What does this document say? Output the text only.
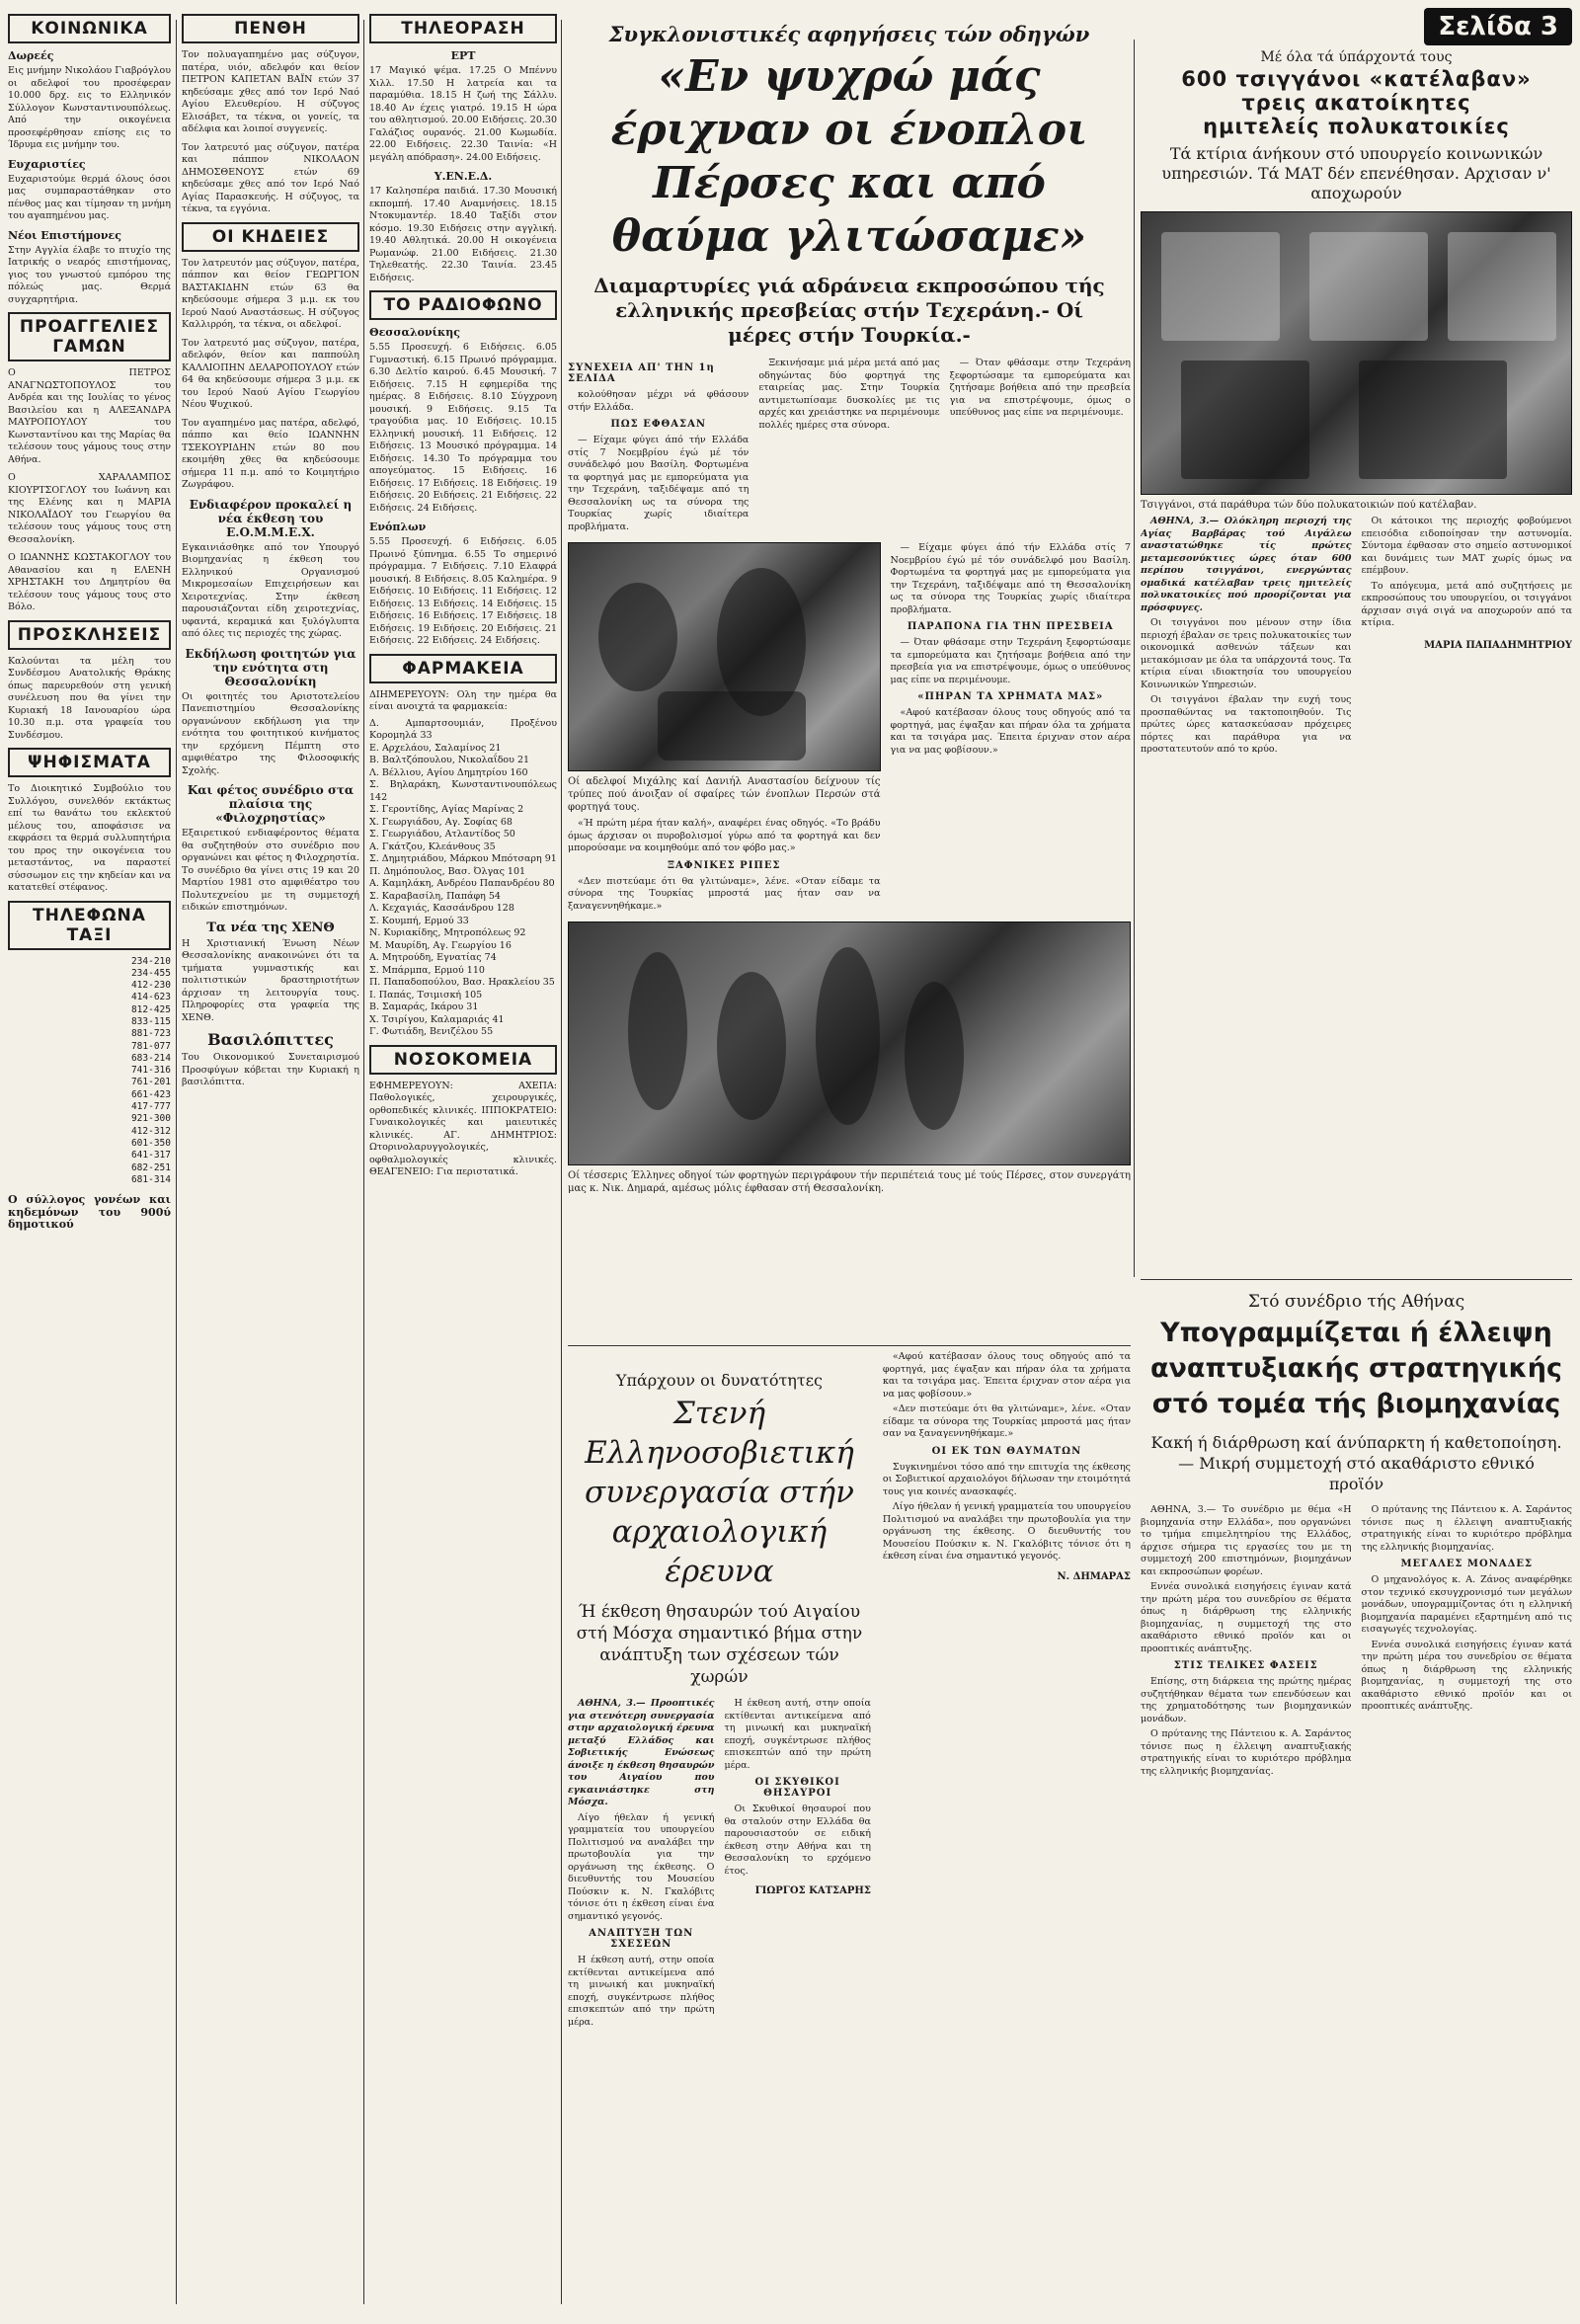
ΚΟΙΝΩΝΙΚΑ
Δωρεές

Εις μνήμην Νικολάου Γιαβρόγλου οι αδελφοί του προσέφεραν 10.000 δρχ. εις το Ελληνικόν Σύλλογον Κωνσταντινουπόλεως. Από την οικογένεια προσεφέρθησαν επίσης εις το Ίδρυμα εις μνήμην του.

Ευχαριστίες

Ευχαριστούμε θερμά όλους όσοι μας συμπαραστάθηκαν στο πένθος μας και τίμησαν τη μνήμη του αγαπημένου μας.

Νέοι Επιστήμονες

Στην Αγγλία έλαβε το πτυχίο της Ιατρικής ο νεαρός επιστήμονας, γιος του γνωστού εμπόρου της πόλεώς μας. Θερμά συγχαρητήρια.

ΠΡΟΑΓΓΕΛΙΕΣ ΓΑΜΩΝ

Ο ΠΕΤΡΟΣ ΑΝΑΓΝΩΣΤΟΠΟΥΛΟΣ του Ανδρέα και της Ιουλίας το γένος Βασιλείου και η ΑΛΕΞΑΝΔΡΑ ΜΑΥΡΟΠΟΥΛΟΥ του Κωνσταντίνου και της Μαρίας θα τελέσουν τους γάμους τους στην Αθήνα.

Ο ΧΑΡΑΛΑΜΠΟΣ ΚΙΟΥΡΤΣΟΓΛΟΥ του Ιωάννη και της Ελένης και η ΜΑΡΙΑ ΝΙΚΟΛΑΪΔΟΥ του Γεωργίου θα τελέσουν τους γάμους τους στη Θεσσαλονίκη.

Ο ΙΩΑΝΝΗΣ ΚΩΣΤΑΚΟΓΛΟΥ του Αθανασίου και η ΕΛΕΝΗ ΧΡΗΣΤΑΚΗ του Δημητρίου θα τελέσουν τους γάμους τους στο Βόλο.

ΠΡΟΣΚΛΗΣΕΙΣ

Καλούνται τα μέλη του Συνδέσμου Ανατολικής Θράκης όπως παρευρεθούν στη γενική συνέλευση που θα γίνει την Κυριακή 18 Ιανουαρίου ώρα 10.30 π.μ. στα γραφεία του Συνδέσμου.

ΨΗΦΙΣΜΑΤΑ

Το Διοικητικό Συμβούλιο του Συλλόγου, συνελθόν εκτάκτως επί τω θανάτω του εκλεκτού μέλους του, αποφάσισε να εκφράσει τα θερμά συλλυπητήρια του προς την οικογένεια του μεταστάντος, να παραστεί σύσσωμον εις την κηδείαν και να κατατεθεί στέφανος.

ΤΗΛΕΦΩΝΑ ΤΑΞΙ
234-210
234-455
412-230
414-623
812-425
833-115
881-723
781-077
683-214
741-316
761-201
661-423
417-777
921-300
412-312
601-350
641-317
682-251
681-314

Ο σύλλογος γονέων και κηδεμόνων του 900ύ δημοτικού

ΠΕΝΘΗ

Τον πολυαγαπημένο μας σύζυγον, πατέρα, υιόν, αδελφόν και θείον ΠΕΤΡΟΝ ΚΑΠΕΤΑΝ ΒΑΪΝ ετών 37 κηδεύσαμε χθες από τον Ιερό Ναό Αγίου Ελευθερίου. Η σύζυγος Ελισάβετ, τα τέκνα, οι γονείς, τα αδέλφια και λοιποί συγγενείς.

Τον λατρευτό μας σύζυγον, πατέρα και πάππον ΝΙΚΟΛΑΟΝ ΔΗΜΟΣΘΕΝΟΥΣ ετών 69 κηδεύσαμε χθες από τον Ιερό Ναό Αγίας Παρασκευής. Η σύζυγος, τα τέκνα, τα εγγόνια.

ΟΙ ΚΗΔΕΙΕΣ

Τον λατρευτόν μας σύζυγον, πατέρα, πάππον και θείον ΓΕΩΡΓΙΟΝ ΒΑΣΤΑΚΙΔΗΝ ετών 63 θα κηδεύσουμε σήμερα 3 μ.μ. εκ του Ιερού Ναού Αναστάσεως. Η σύζυγος Καλλιρρόη, τα τέκνα, οι αδελφοί.

Τον λατρευτό μας σύζυγον, πατέρα, αδελφόν, θείον και παππούλη ΚΑΛΛΙΟΠΗΝ ΔΕΛΑΡΟΠΟΥΛΟΥ ετών 64 θα κηδεύσουμε σήμερα 3 μ.μ. εκ του Ιερού Ναού Αγίου Γεωργίου Νέου Ψυχικού.

Τον αγαπημένο μας πατέρα, αδελφό, πάππο και θείο ΙΩΑΝΝΗΝ ΤΣΕΚΟΥΡΙΔΗΝ ετών 80 που εκοιμήθη χθες θα κηδεύσουμε σήμερα 11 π.μ. από το Κοιμητήριο Ζωγράφου.

Ενδιαφέρον προκαλεί η νέα έκθεση του Ε.Ο.Μ.Μ.Ε.Χ.

Εγκαινιάσθηκε από τον Υπουργό Βιομηχανίας η έκθεση του Ελληνικού Οργανισμού Μικρομεσαίων Επιχειρήσεων και Χειροτεχνίας. Στην έκθεση παρουσιάζονται είδη χειροτεχνίας, υφαντά, κεραμικά και ξυλόγλυπτα από όλες τις περιοχές της χώρας.

Εκδήλωση φοιτητών για την ενότητα στη Θεσσαλονίκη

Οι φοιτητές του Αριστοτελείου Πανεπιστημίου Θεσσαλονίκης οργανώνουν εκδήλωση για την ενότητα του φοιτητικού κινήματος την ερχόμενη Πέμπτη στο αμφιθέατρο της Φιλοσοφικής Σχολής.

Και φέτος συνέδριο στα πλαίσια της «Φιλοχρηστίας»

Εξαιρετικού ενδιαφέροντος θέματα θα συζητηθούν στο συνέδριο που οργανώνει και φέτος η Φιλοχρηστία. Το συνέδριο θα γίνει στις 19 και 20 Μαρτίου 1981 στο αμφιθέατρο του Πολυτεχνείου με τη συμμετοχή ειδικών επιστημόνων.

Τα νέα της ΧΕΝΘ

Η Χριστιανική Ένωση Νέων Θεσσαλονίκης ανακοινώνει ότι τα τμήματα γυμναστικής και πολιτιστικών δραστηριοτήτων άρχισαν τη λειτουργία τους. Πληροφορίες στα γραφεία της ΧΕΝΘ.

Βασιλόπιττες

Του Οικονομικού Συνεταιρισμού Προσφύγων κόβεται την Κυριακή η βασιλόπιττα.

ΤΗΛΕΟΡΑΣΗ
ΕΡΤ

17 Μαγικό ψέμα. 17.25 Ο Μπέννυ Χιλλ. 17.50 Η λατρεία και τα παραμύθια. 18.15 Η ζωή της Σάλλυ. 18.40 Αν έχεις γιατρό. 19.15 Η ώρα του αθλητισμού. 20.00 Ειδήσεις. 20.30 Γαλάζιος ουρανός. 21.00 Κωμωδία. 22.00 Ειδήσεις. 22.30 Ταινία: «Η μεγάλη απόδραση». 24.00 Ειδήσεις.

Υ.ΕΝ.Ε.Δ.

17 Καλησπέρα παιδιά. 17.30 Μουσική εκπομπή. 17.40 Αναμνήσεις. 18.15 Ντοκυμαντέρ. 18.40 Ταξίδι στον κόσμο. 19.30 Ειδήσεις στην αγγλική. 19.40 Αθλητικά. 20.00 Η οικογένεια Ρωμανώφ. 21.00 Ειδήσεις. 21.30 Τηλεθεατής. 22.30 Ταινία. 23.45 Ειδήσεις.

ΤΟ ΡΑΔΙΟΦΩΝΟ
Θεσσαλονίκης

5.55 Προσευχή. 6 Ειδήσεις. 6.05 Γυμναστική. 6.15 Πρωινό πρόγραμμα. 6.30 Δελτίο καιρού. 6.45 Μουσική. 7 Ειδήσεις. 7.15 Η εφημερίδα της ημέρας. 8 Ειδήσεις. 8.10 Σύγχρονη μουσική. 9 Ειδήσεις. 9.15 Τα τραγούδια μας. 10 Ειδήσεις. 10.15 Ελληνική μουσική. 11 Ειδήσεις. 12 Ειδήσεις. 13 Μουσικό πρόγραμμα. 14 Ειδήσεις. 14.30 Το πρόγραμμα του απογεύματος. 15 Ειδήσεις. 16 Ειδήσεις. 17 Ειδήσεις. 18 Ειδήσεις. 19 Ειδήσεις. 20 Ειδήσεις. 21 Ειδήσεις. 22 Ειδήσεις. 24 Ειδήσεις.

Ενόπλων

5.55 Προσευχή. 6 Ειδήσεις. 6.05 Πρωινό ξύπνημα. 6.55 Το σημερινό πρόγραμμα. 7 Ειδήσεις. 7.10 Ελαφρά μουσική. 8 Ειδήσεις. 8.05 Καλημέρα. 9 Ειδήσεις. 10 Ειδήσεις. 11 Ειδήσεις. 12 Ειδήσεις. 13 Ειδήσεις. 14 Ειδήσεις. 15 Ειδήσεις. 16 Ειδήσεις. 17 Ειδήσεις. 18 Ειδήσεις. 19 Ειδήσεις. 20 Ειδήσεις. 21 Ειδήσεις. 22 Ειδήσεις. 24 Ειδήσεις.

ΦΑΡΜΑΚΕΙΑ

ΔΙΗΜΕΡΕΥΟΥΝ: Ολη την ημέρα θα είναι ανοιχτά τα φαρμακεία:

Δ. Αμπαρτσουμιάν, Προξένου Κορομηλά 33
Ε. Αρχελάου, Σαλαμίνος 21
Β. Βαλτζόπουλου, Νικολαΐδου 21
Λ. Βέλλιου, Αγίου Δημητρίου 160
Σ. Βηλαράκη, Κωνσταντινουπόλεως 142
Σ. Γεροντίδης, Αγίας Μαρίνας 2
Χ. Γεωργιάδου, Αγ. Σοφίας 68
Σ. Γεωργιάδου, Ατλαντίδος 50
Α. Γκάτζου, Κλεάνθους 35
Σ. Δημητριάδου, Μάρκου Μπότσαρη 91
Π. Δημόπουλος, Βασ. Όλγας 101
Α. Καμηλάκη, Ανδρέου Παπανδρέου 80
Σ. Καραβασίλη, Παπάφη 54
Λ. Κεχαγιάς, Κασσάνδρου 128
Σ. Κουμπή, Ερμού 33
Ν. Κυριακίδης, Μητροπόλεως 92
Μ. Μαυρίδη, Αγ. Γεωργίου 16
Α. Μητρούδη, Εγνατίας 74
Σ. Μπάρμπα, Ερμού 110
Π. Παπαδοπούλου, Βασ. Ηρακλείου 35
Ι. Παπάς, Τσιμισκή 105
Β. Σαμαράς, Ικάρου 31
Χ. Τσιρίγου, Καλαμαριάς 41
Γ. Φωτιάδη, Βενιζέλου 55
ΝΟΣΟΚΟΜΕΙΑ

ΕΦΗΜΕΡΕΥΟΥΝ: ΑΧΕΠΑ: Παθολογικές, χειρουργικές, ορθοπεδικές κλινικές. ΙΠΠΟΚΡΑΤΕΙΟ: Γυναικολογικές και μαιευτικές κλινικές. ΑΓ. ΔΗΜΗΤΡΙΟΣ: Ωτορινολαρυγγολογικές, οφθαλμολογικές κλινικές. ΘΕΑΓΕΝΕΙΟ: Για περιστατικά.

Συγκλονιστικές αφηγήσεις τών οδηγών
«Εν ψυχρώ μάς έριχναν οι ένοπλοι Πέρσες και από θαύμα γλιτώσαμε»
Διαμαρτυρίες γιά αδράνεια εκπροσώπου τής ελληνικής πρεσβείας στήν Τεχεράνη.- Οί μέρες στήν Τουρκία.-
ΣΥΝΕΧΕΙΑ ΑΠ' ΤΗΝ 1η ΣΕΛΙΔΑ

κολούθησαν μέχρι νά φθάσουν στήν Ελλάδα.

ΠΩΣ ΕΦΘΑΣΑΝ

— Είχαμε φύγει άπό τήν Ελλάδα στίς 7 Νοεμβρίου έγώ μέ τόν συνάδελφό μου Βασίλη. Φορτωμένα τα φορτηγά μας με εμπορεύματα για την Τεχεράνη, ταξιδέψαμε από τη Θεσσαλονίκη ως τα σύνορα της Τουρκίας χωρίς ιδιαίτερα προβλήματα.

Ξεκινήσαμε μιά μέρα μετά από μας οδηγώντας δύο φορτηγά της εταιρείας μας. Στην Τουρκία αντιμετωπίσαμε δυσκολίες με τις αρχές και χρειάστηκε να περιμένουμε πολλές ημέρες στα σύνορα.

— Όταν φθάσαμε στην Τεχεράνη ξεφορτώσαμε τα εμπορεύματα και ζητήσαμε βοήθεια από την πρεσβεία για να επιστρέψουμε, όμως ο υπεύθυνος μας είπε να περιμένουμε.

Οί αδελφοί Μιχάλης καί Δανιήλ Αναστασίου δείχνουν τίς τρύπες πού άνοιξαν οί σφαίρες τών ένοπλων Περσών στά φορτηγά τους.

«Ή πρώτη μέρα ήταν καλή», αναφέρει ένας οδηγός. «Το βράδυ όμως άρχισαν οι πυροβολισμοί γύρω από τα φορτηγά και δεν μπορούσαμε να κοιμηθούμε από τον φόβο μας.»

ΞΑΦΝΙΚΕΣ ΡΙΠΕΣ

«Δεν πιστεύαμε ότι θα γλιτώναμε», λένε. «Οταν είδαμε τα σύνορα της Τουρκίας μπροστά μας ήταν σαν να ξαναγεννηθήκαμε.»

— Είχαμε φύγει άπό τήν Ελλάδα στίς 7 Νοεμβρίου έγώ μέ τόν συνάδελφό μου Βασίλη. Φορτωμένα τα φορτηγά μας με εμπορεύματα για την Τεχεράνη, ταξιδέψαμε από τη Θεσσαλονίκη ως τα σύνορα της Τουρκίας χωρίς ιδιαίτερα προβλήματα.

ΠΑΡΑΠΟΝΑ ΓΙΑ ΤΗΝ ΠΡΕΣΒΕΙΑ

— Όταν φθάσαμε στην Τεχεράνη ξεφορτώσαμε τα εμπορεύματα και ζητήσαμε βοήθεια από την πρεσβεία για να επιστρέψουμε, όμως ο υπεύθυνος μας είπε να περιμένουμε.

«ΠΗΡΑΝ ΤΑ ΧΡΗΜΑΤΑ ΜΑΣ»

«Αφού κατέβασαν όλους τους οδηγούς από τα φορτηγά, μας έψαξαν και πήραν όλα τα χρήματα και τα τσιγάρα μας. Έπειτα έριχναν στον αέρα για να μας φοβίσουν.»

Οί τέσσερις Έλληνες οδηγοί τών φορτηγών περιγράφουν τήν περιπέτειά τους μέ τούς Πέρσες, στον συνεργάτη μας κ. Νικ. Δημαρά, αμέσως μόλις έφθασαν στή Θεσσαλονίκη.
Σελίδα 3
Μέ όλα τά ύπάρχοντά τους
600 τσιγγάνοι «κατέλαβαν»
τρεις ακατοίκητες
ημιτελείς πολυκατοικίες
Τά κτίρια άνήκουν στό υπουργείο κοινωνικών υπηρεσιών. Τά ΜΑΤ δέν επενέθησαν. Αρχισαν ν' αποχωρούν
Τσιγγάνοι, στά παράθυρα τών δύο πολυκατοικιών πού κατέλαβαν.

ΑΘΗΝΑ, 3.— Ολόκληρη περιοχή της Αγίας Βαρβάρας τού Αιγάλεω αναστατώθηκε τίς πρώτες μεταμεσονύκτιες ώρες όταν 600 περίπου τσιγγάνοι, ενεργώντας ομαδικά κατέλαβαν τρεις ημιτελείς πολυκατοικίες πού προορίζονται για πρόσφυγες.

Οι τσιγγάνοι που μένουν στην ίδια περιοχή έβαλαν σε τρεις πολυκατοικίες των οικονομικά ασθενών τάξεων και μετακόμισαν με όλα τα υπάρχοντά τους. Τα κτίρια είναι ιδιοκτησία του υπουργείου Κοινωνικών Υπηρεσιών.

Οι τσιγγάνοι έβαλαν την ευχή τους προσπαθώντας να τακτοποιηθούν. Τις πρώτες ώρες κατασκεύασαν πρόχειρες πόρτες και παράθυρα για να προστατευτούν από το κρύο.

Οι κάτοικοι της περιοχής φοβούμενοι επεισόδια ειδοποίησαν την αστυνομία. Σύντομα έφθασαν στο σημείο αστυνομικοί και δυνάμεις των ΜΑΤ χωρίς όμως να επέμβουν.

Το απόγευμα, μετά από συζητήσεις με εκπροσώπους του υπουργείου, οι τσιγγάνοι άρχισαν σιγά σιγά να αποχωρούν από τα κτίρια.

ΜΑΡΙΑ ΠΑΠΑΔΗΜΗΤΡΙΟΥ
Στό συνέδριο τής Αθήνας
Υπογραμμίζεται ή έλλειψη αναπτυξιακής στρατηγικής στό τομέα τής βιομηχανίας
Κακή ή διάρθρωση καί άνύπαρκτη ή καθετοποίηση.— Μικρή συμμετοχή στό ακαθάριστο εθνικό προϊόν

ΑΘΗΝΑ, 3.— Το συνέδριο με θέμα «Η βιομηχανία στην Ελλάδα», που οργανώνει το τμήμα επιμελητηρίου της Ελλάδος, άρχισε σήμερα τις εργασίες του με τη συμμετοχή 200 επιστημόνων, βιομηχάνων και εκπροσώπων φορέων.

Εννέα συνολικά εισηγήσεις έγιναν κατά την πρώτη μέρα του συνεδρίου σε θέματα όπως η διάρθρωση της ελληνικής βιομηχανίας, η συμμετοχή της στο ακαθάριστο εθνικό προϊόν και οι προοπτικές ανάπτυξης.

ΣΤΙΣ ΤΕΛΙΚΕΣ ΦΑΣΕΙΣ

Επίσης, στη διάρκεια της πρώτης ημέρας συζητήθηκαν θέματα των επενδύσεων και της χρηματοδότησης των βιομηχανικών μονάδων.

Ο πρύτανης της Πάντειου κ. Α. Σαράντος τόνισε πως η έλλειψη αναπτυξιακής στρατηγικής είναι το κυριότερο πρόβλημα της ελληνικής βιομηχανίας.

Ο πρύτανης της Πάντειου κ. Α. Σαράντος τόνισε πως η έλλειψη αναπτυξιακής στρατηγικής είναι το κυριότερο πρόβλημα της ελληνικής βιομηχανίας.

ΜΕΓΑΛΕΣ ΜΟΝΑΔΕΣ

Ο μηχανολόγος κ. Α. Ζάνος αναφέρθηκε στον τεχνικό εκσυγχρονισμό των μεγάλων μονάδων, υπογραμμίζοντας ότι η ελληνική βιομηχανία παραμένει εξαρτημένη από τις εισαγωγές τεχνολογίας.

Εννέα συνολικά εισηγήσεις έγιναν κατά την πρώτη μέρα του συνεδρίου σε θέματα όπως η διάρθρωση της ελληνικής βιομηχανίας, η συμμετοχή της στο ακαθάριστο εθνικό προϊόν και οι προοπτικές ανάπτυξης.

Υπάρχουν οι δυνατότητες
Στενή Ελληνοσοβιετική συνεργασία στήν αρχαιολογική έρευνα
Ή έκθεση θησαυρών τού Αιγαίου στή Μόσχα σημαντικό βήμα στην ανάπτυξη των σχέσεων τών χωρών

ΑΘΗΝΑ, 3.— Προοπτικές για στενότερη συνεργασία στην αρχαιολογική έρευνα μεταξύ Ελλάδος και Σοβιετικής Ενώσεως άνοιξε η έκθεση θησαυρών του Αιγαίου που εγκαινιάστηκε στη Μόσχα.

Λίγο ήθελαν ή γενική γραμματεία του υπουργείου Πολιτισμού να αναλάβει την πρωτοβουλία για την οργάνωση της έκθεσης. Ο διευθυντής του Μουσείου Πούσκιν κ. Ν. Γκαλόβιτς τόνισε ότι η έκθεση είναι ένα σημαντικό γεγονός.

ΑΝΑΠΤΥΞΗ ΤΩΝ ΣΧΕΣΕΩΝ

Η έκθεση αυτή, στην οποία εκτίθενται αντικείμενα από τη μινωική και μυκηναϊκή εποχή, συγκέντρωσε πλήθος επισκεπτών από την πρώτη μέρα.

Η έκθεση αυτή, στην οποία εκτίθενται αντικείμενα από τη μινωική και μυκηναϊκή εποχή, συγκέντρωσε πλήθος επισκεπτών από την πρώτη μέρα.

ΟΙ ΣΚΥΘΙΚΟΙ ΘΗΣΑΥΡΟΙ

Οι Σκυθικοί θησαυροί που θα σταλούν στην Ελλάδα θα παρουσιαστούν σε ειδική έκθεση στην Αθήνα και τη Θεσσαλονίκη το ερχόμενο έτος.

ΓΙΩΡΓΟΣ ΚΑΤΣΑΡΗΣ

«Αφού κατέβασαν όλους τους οδηγούς από τα φορτηγά, μας έψαξαν και πήραν όλα τα χρήματα και τα τσιγάρα μας. Έπειτα έριχναν στον αέρα για να μας φοβίσουν.»

«Δεν πιστεύαμε ότι θα γλιτώναμε», λένε. «Οταν είδαμε τα σύνορα της Τουρκίας μπροστά μας ήταν σαν να ξαναγεννηθήκαμε.»

ΟΙ ΕΚ ΤΩΝ ΘΑΥΜΑΤΩΝ

Συγκινημένοι τόσο από την επιτυχία της έκθεσης οι Σοβιετικοί αρχαιολόγοι δήλωσαν την ετοιμότητά τους για κοινές ανασκαφές.

Λίγο ήθελαν ή γενική γραμματεία του υπουργείου Πολιτισμού να αναλάβει την πρωτοβουλία για την οργάνωση της έκθεσης. Ο διευθυντής του Μουσείου Πούσκιν κ. Ν. Γκαλόβιτς τόνισε ότι η έκθεση είναι ένα σημαντικό γεγονός.

Ν. ΔΗΜΑΡΑΣ
